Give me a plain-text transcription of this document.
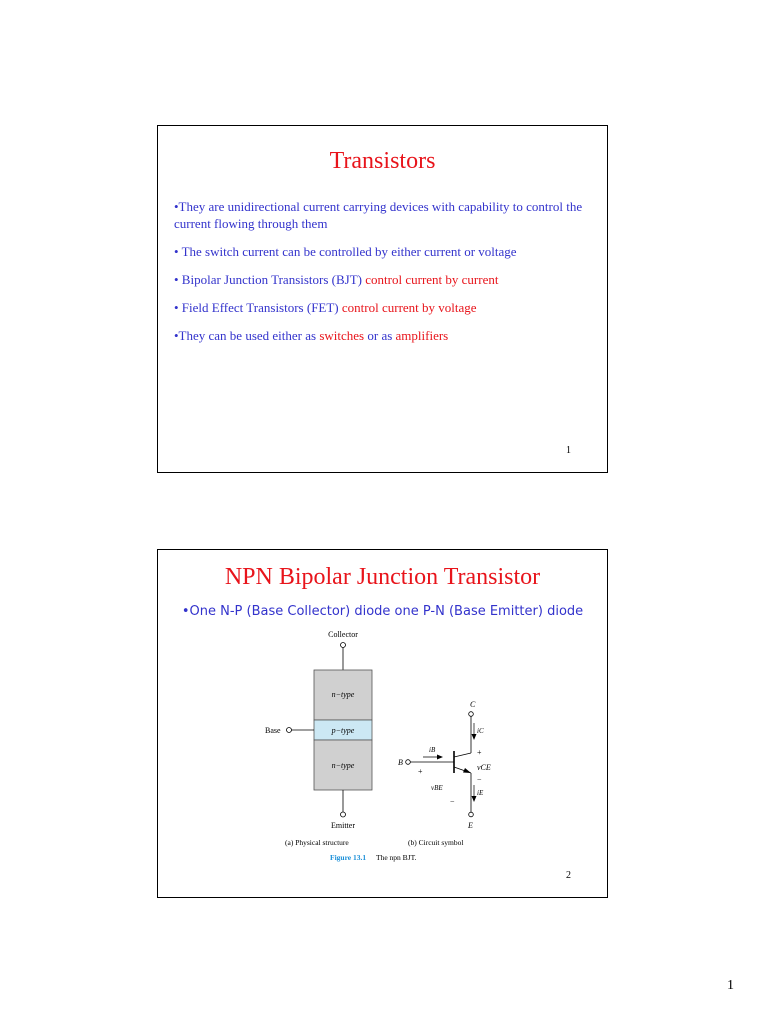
Transistors
•They are unidirectional current carrying devices with capability to control the current flowing through them
• The switch current can be controlled by either current or voltage
• Bipolar Junction Transistors (BJT) control current by current
• Field Effect Transistors (FET) control current by voltage
•They can be used either as switches or as amplifiers
1
NPN Bipolar Junction Transistor
•One N-P (Base Collector) diode one P-N (Base Emitter) diode
Collector
n−type
p−type
n−type
Emitter
Base
C
iC
B
iB	+
vCE
−
+
vBE
−
iE
E
(a) Physical structure	(b) Circuit symbol
Figure 13.1 The npn BJT.
2
1
